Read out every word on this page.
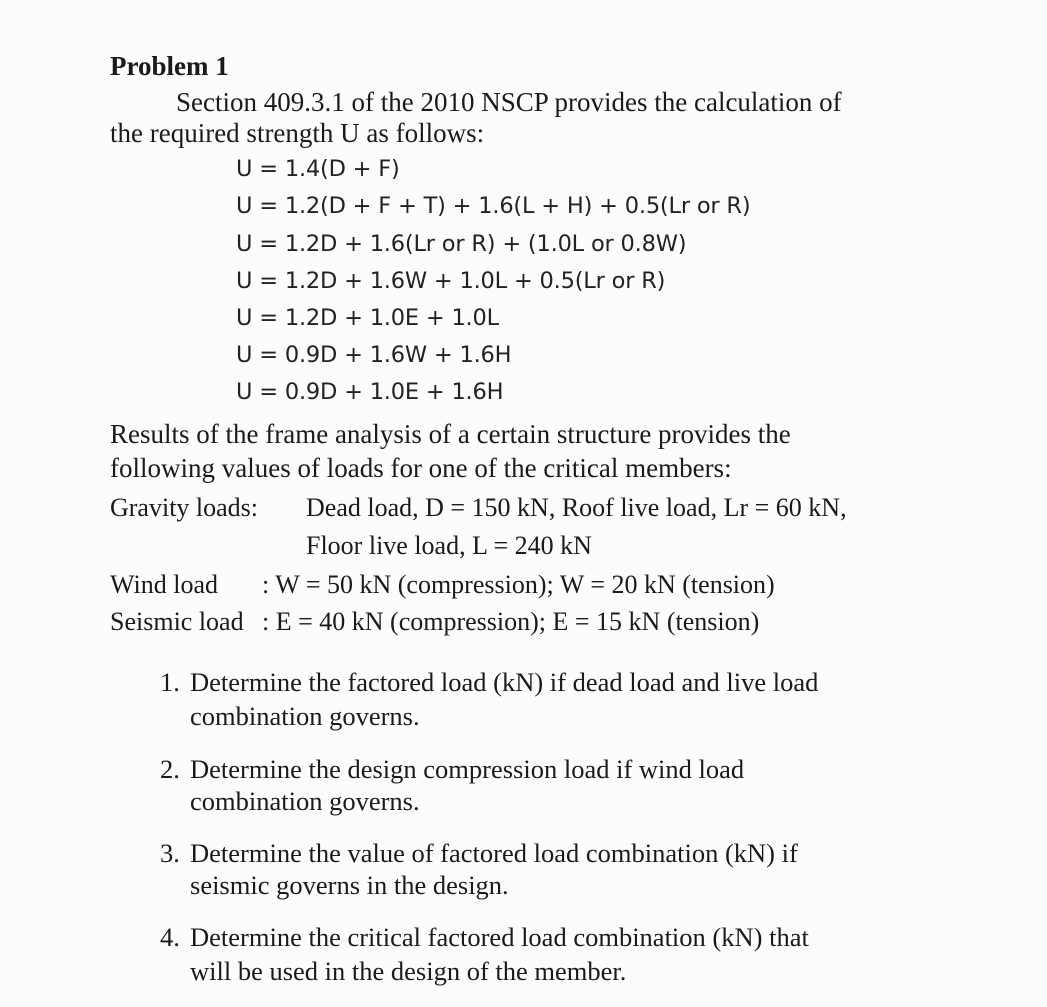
Problem 1
Section 409.3.1 of the 2010 NSCP provides the calculation of
the required strength U as follows:
U = 1.4(D + F)
U = 1.2(D + F + T) + 1.6(L + H) + 0.5(Lr or R)
U = 1.2D + 1.6(Lr or R) + (1.0L or 0.8W)
U = 1.2D + 1.6W + 1.0L + 0.5(Lr or R)
U = 1.2D + 1.0E + 1.0L
U = 0.9D + 1.6W + 1.6H
U = 0.9D + 1.0E + 1.6H
Results of the frame analysis of a certain structure provides the
following values of loads for one of the critical members:
Gravity loads: Dead load, D = 150 kN, Roof live load, Lr = 60 kN,
Floor live load, L = 240 kN
Wind load : W = 50 kN (compression); W = 20 kN (tension)
Seismic load : E = 40 kN (compression); E = 15 kN (tension)
1. Determine the factored load (kN) if dead load and live load
combination governs.
2. Determine the design compression load if wind load
combination governs.
3. Determine the value of factored load combination (kN) if
seismic governs in the design.
4. Determine the critical factored load combination (kN) that
will be used in the design of the member.
